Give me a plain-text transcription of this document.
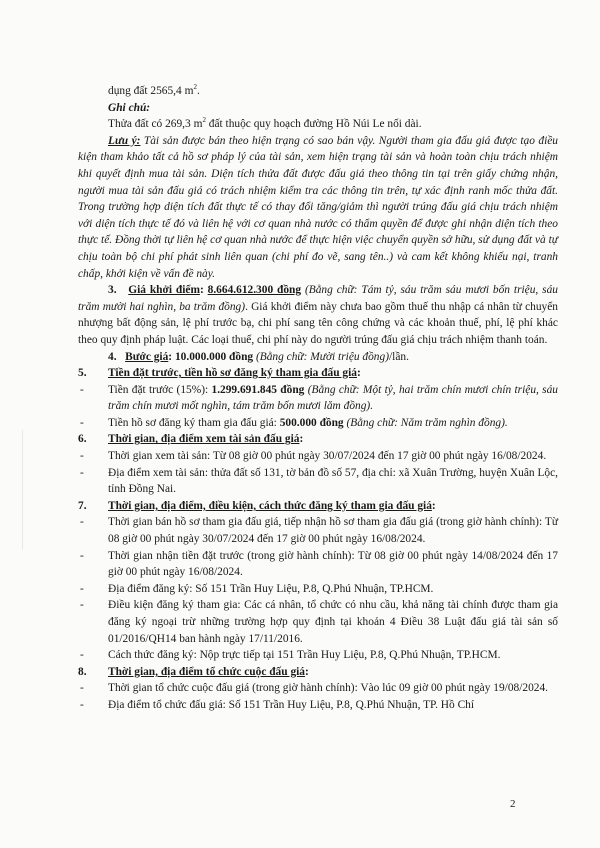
dụng đất 2565,4 $m^2$.

Ghi chú:

Thửa đất có 269,3 $m^2$ đất thuộc quy hoạch đường Hồ Núi Le nối dài.

Lưu ý: Tài sản được bán theo hiện trạng có sao bán vậy. Người tham gia đấu giá được tạo điều kiện tham khảo tất cả hồ sơ pháp lý của tài sản, xem hiện trạng tài sản và hoàn toàn chịu trách nhiệm khi quyết định mua tài sản. Diện tích thửa đất được đấu giá theo thông tin tại trên giấy chứng nhận, người mua tài sản đấu giá có trách nhiệm kiểm tra các thông tin trên, tự xác định ranh mốc thửa đất. Trong trường hợp diện tích đất thực tế có thay đổi tăng/giảm thì người trúng đấu giá chịu trách nhiệm với diện tích thực tế đó và liên hệ với cơ quan nhà nước có thẩm quyền để được ghi nhận diện tích theo thực tế. Đồng thời tự liên hệ cơ quan nhà nước để thực hiện việc chuyển quyền sở hữu, sử dụng đất và tự chịu toàn bộ chi phí phát sinh liên quan (chi phí đo vẽ, sang tên..) và cam kết không khiếu nại, tranh chấp, khởi kiện về vấn đề này.

3. Giá khởi điểm: 8.664.612.300 đồng (Bằng chữ: Tám tỷ, sáu trăm sáu mươi bốn triệu, sáu trăm mười hai nghìn, ba trăm đồng). Giá khởi điểm này chưa bao gồm thuế thu nhập cá nhân từ chuyển nhượng bất động sản, lệ phí trước bạ, chi phí sang tên công chứng và các khoản thuế, phí, lệ phí khác theo quy định pháp luật. Các loại thuế, chi phí này do người trúng đấu giá chịu trách nhiệm thanh toán.

4. Bước giá: 10.000.000 đồng (Bằng chữ: Mười triệu đồng)/lần.

5.	Tiền đặt trước, tiền hồ sơ đăng ký tham gia đấu giá :
-	Tiền đặt trước (15%): 1.299.691.845 đồng (Bằng chữ: Một tỷ, hai trăm chín mươi chín triệu, sáu trăm chín mươi mốt nghìn, tám trăm bốn mươi lăm đồng).
-	Tiền hồ sơ đăng ký tham gia đấu giá: 500.000 đồng (Bằng chữ: Năm trăm nghìn đồng).
6.	Thời gian, địa điểm xem tài sản đấu giá :
-	Thời gian xem tài sản: Từ 08 giờ 00 phút ngày 30/07/2024 đến 17 giờ 00 phút ngày 16/08/2024.
-	Địa điểm xem tài sản: thửa đất số 131, tờ bản đồ số 57, địa chỉ: xã Xuân Trường, huyện Xuân Lộc, tỉnh Đồng Nai.
7.	Thời gian, địa điểm, điều kiện, cách thức đăng ký tham gia đấu giá :
-	Thời gian bán hồ sơ tham gia đấu giá, tiếp nhận hồ sơ tham gia đấu giá (trong giờ hành chính): Từ 08 giờ 00 phút ngày 30/07/2024 đến 17 giờ 00 phút ngày 16/08/2024.
-	Thời gian nhận tiền đặt trước (trong giờ hành chính): Từ 08 giờ 00 phút ngày 14/08/2024 đến 17 giờ 00 phút ngày 16/08/2024.
-	Địa điểm đăng ký: Số 151 Trần Huy Liệu, P.8, Q.Phú Nhuận, TP.HCM.
-	Điều kiện đăng ký tham gia: Các cá nhân, tổ chức có nhu cầu, khả năng tài chính được tham gia đăng ký ngoại trừ những trường hợp quy định tại khoản 4 Điều 38 Luật đấu giá tài sản số 01/2016/QH14 ban hành ngày 17/11/2016.
-	Cách thức đăng ký: Nộp trực tiếp tại 151 Trần Huy Liệu, P.8, Q.Phú Nhuận, TP.HCM.
8.	Thời gian, địa điểm tổ chức cuộc đấu giá :
-	Thời gian tổ chức cuộc đấu giá (trong giờ hành chính): Vào lúc 09 giờ 00 phút ngày 19/08/2024.
-	Địa điểm tổ chức đấu giá: Số 151 Trần Huy Liệu, P.8, Q.Phú Nhuận, TP. Hồ Chí
2
